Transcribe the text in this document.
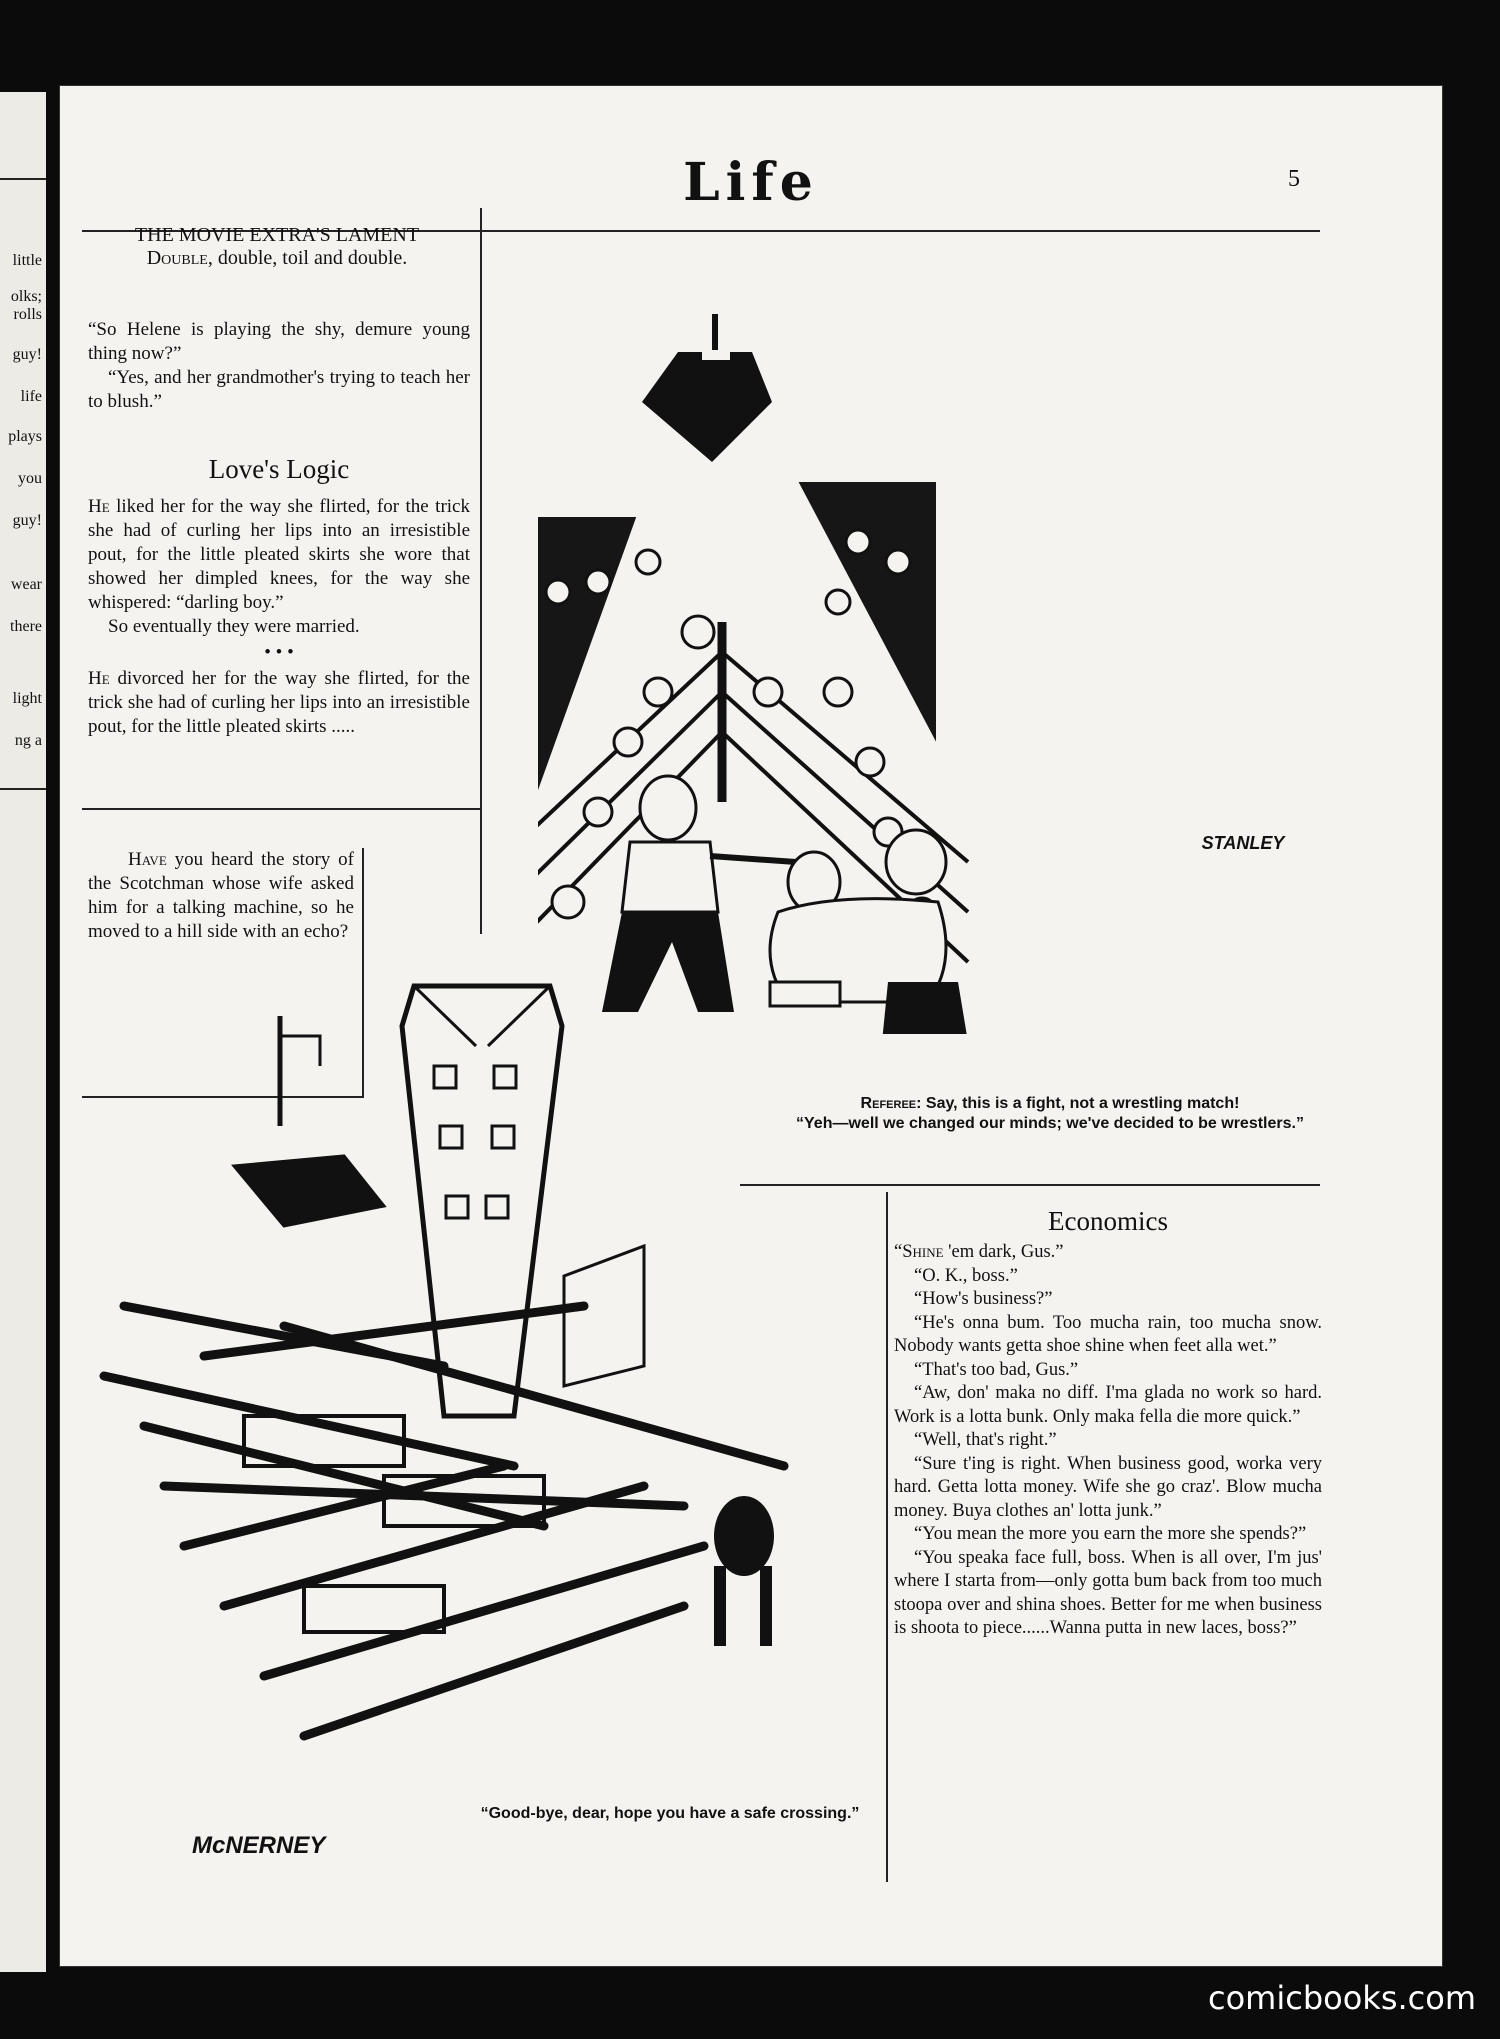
little
olks;
rolls
guy!
life
plays
you
guy!
wear
there
light
ng a
Life	5
THE MOVIE EXTRA'S LAMENT
Double, double, toil and double.

“So Helene is playing the shy, demure young thing now?”

“Yes, and her grandmother's trying to teach her to blush.”

Love's Logic

He liked her for the way she flirted, for the trick she had of curling her lips into an irresistible pout, for the little pleated skirts she wore that showed her dimpled knees, for the way she whispered: “darling boy.”

So eventually they were married.

• • •

He divorced her for the way she flirted, for the trick she had of curling her lips into an irresistible pout, for the little pleated skirts .....

Have you heard the story of the Scotchman whose wife asked him for a talking machine, so he moved to a hill side with an echo?

STANLEY
Referee: Say, this is a fight, not a wrestling match!
“Yeh—well we changed our minds; we've decided to be wrestlers.”
McNERNEY
“Good-bye, dear, hope you have a safe crossing.”
Economics

“Shine 'em dark, Gus.”

“O. K., boss.”

“How's business?”

“He's onna bum. Too mucha rain, too mucha snow. Nobody wants getta shoe shine when feet alla wet.”

“That's too bad, Gus.”

“Aw, don' maka no diff. I'ma glada no work so hard. Work is a lotta bunk. Only maka fella die more quick.”

“Well, that's right.”

“Sure t'ing is right. When business good, worka very hard. Getta lotta money. Wife she go craz'. Blow mucha money. Buya clothes an' lotta junk.”

“You mean the more you earn the more she spends?”

“You speaka face full, boss. When is all over, I'm jus' where I starta from—only gotta bum back from too much stoopa over and shina shoes. Better for me when business is shoota to piece......Wanna putta in new laces, boss?”

comicbooks.com
